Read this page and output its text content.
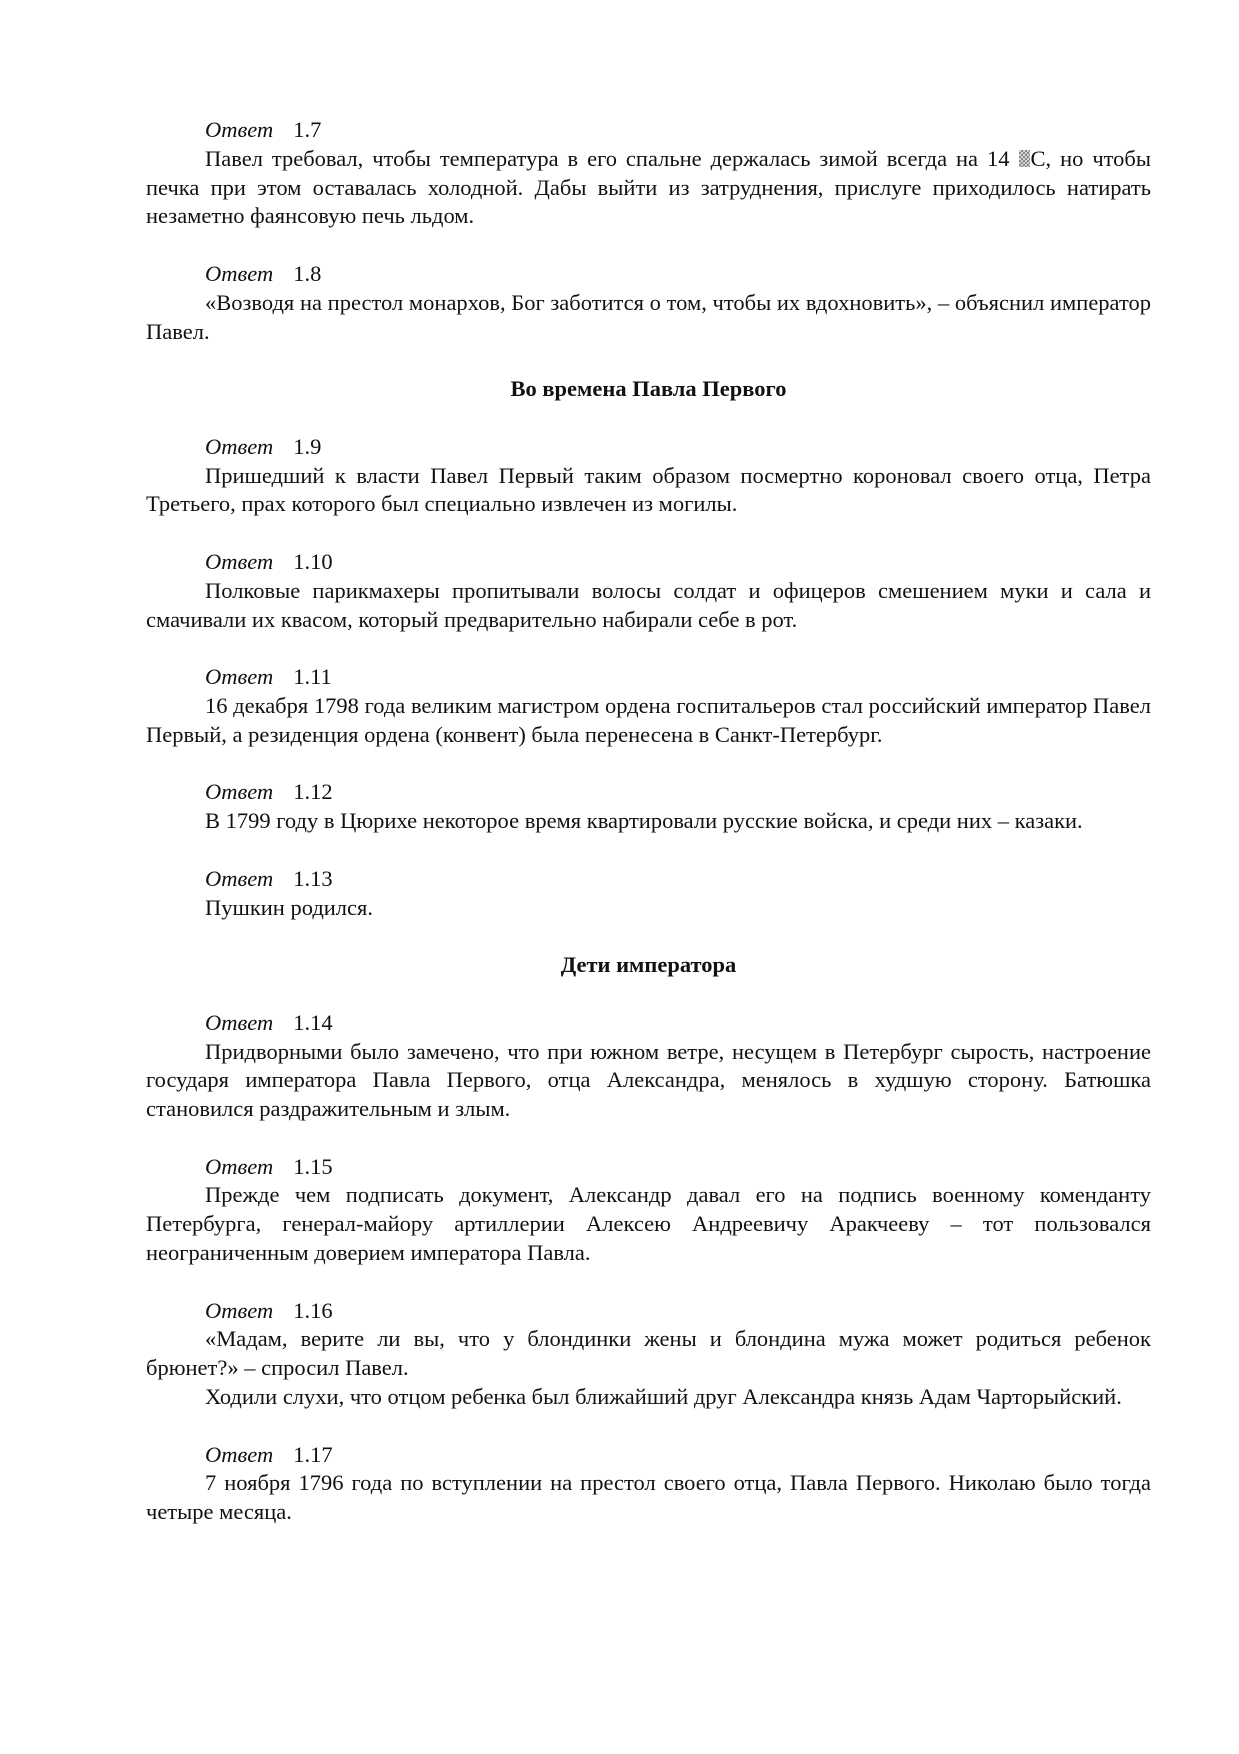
Ответ 1.7

Павел требовал, чтобы температура в его спальне держалась зимой всегда на 14 С, но чтобы печка при этом оставалась холодной. Дабы выйти из затруднения, прислуге приходилось натирать незаметно фаянсовую печь льдом.

Ответ 1.8

«Возводя на престол монархов, Бог заботится о том, чтобы их вдохновить», – объяснил император Павел.

Во времена Павла Первого
Ответ 1.9

Пришедший к власти Павел Первый таким образом посмертно короновал своего отца, Петра Третьего, прах которого был специально извлечен из могилы.

Ответ 1.10

Полковые парикмахеры пропитывали волосы солдат и офицеров смешением муки и сала и смачивали их квасом, который предварительно набирали себе в рот.

Ответ 1.11

16 декабря 1798 года великим магистром ордена госпитальеров стал российский император Павел Первый, а резиденция ордена (конвент) была перенесена в Санкт-Петербург.

Ответ 1.12

В 1799 году в Цюрихе некоторое время квартировали русские войска, и среди них – казаки.

Ответ 1.13

Пушкин родился.

Дети императора
Ответ 1.14

Придворными было замечено, что при южном ветре, несущем в Петербург сырость, настроение государя императора Павла Первого, отца Александра, менялось в худшую сторону. Батюшка становился раздражительным и злым.

Ответ 1.15

Прежде чем подписать документ, Александр давал его на подпись военному коменданту Петербурга, генерал-майору артиллерии Алексею Андреевичу Аракчееву – тот пользовался неограниченным доверием императора Павла.

Ответ 1.16

«Мадам, верите ли вы, что у блондинки жены и блондина мужа может родиться ребенок брюнет?» – спросил Павел.

Ходили слухи, что отцом ребенка был ближайший друг Александра князь Адам Чарторыйский.

Ответ 1.17

7 ноября 1796 года по вступлении на престол своего отца, Павла Первого. Николаю было тогда четыре месяца.
